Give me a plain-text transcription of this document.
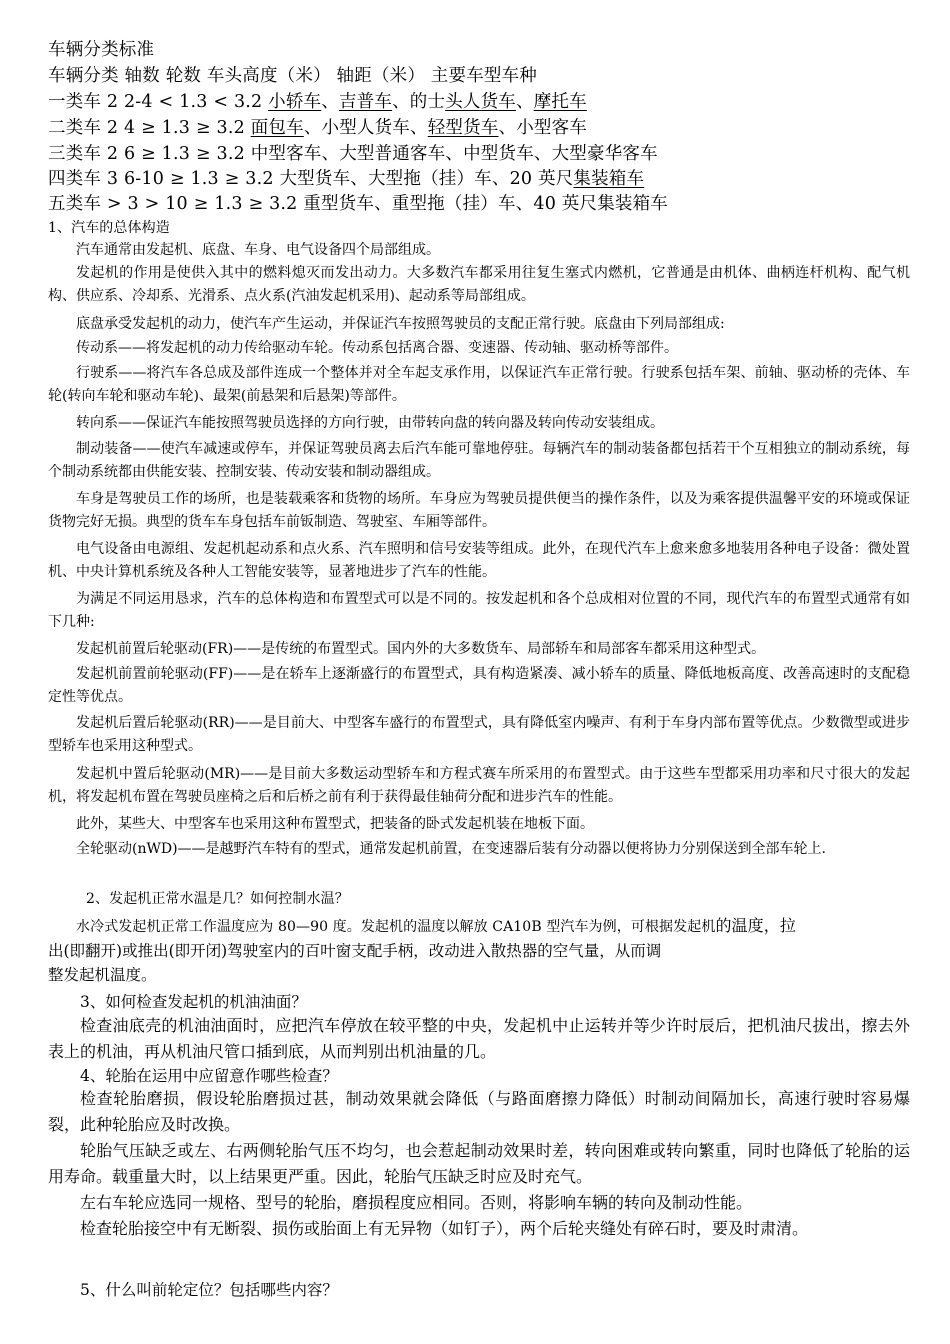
车辆分类标准
车辆分类 轴数 轮数 车头高度（米） 轴距（米） 主要车型车种
一类车 2 2-4 < 1.3 < 3.2 小轿车、吉普车、的士头人货车、摩托车
二类车 2 4 ≥ 1.3 ≥ 3.2 面包车、小型人货车、轻型货车、小型客车
三类车 2 6 ≥ 1.3 ≥ 3.2 中型客车、大型普通客车、中型货车、大型豪华客车
四类车 3 6-10 ≥ 1.3 ≥ 3.2 大型货车、大型拖（挂）车、20 英尺集装箱车
五类车 > 3 > 10 ≥ 1.3 ≥ 3.2 重型货车、重型拖（挂）车、40 英尺集装箱车
1、汽车的总体构造
汽车通常由发起机、底盘、车身、电气设备四个局部组成。
发起机的作用是使供入其中的燃料熄灭而发出动力。大多数汽车都采用往复生塞式内燃机，它普通是由机体、曲柄连杆机构、配气机构、供应系、冷却系、光滑系、点火系(汽油发起机采用)、起动系等局部组成。
底盘承受发起机的动力，使汽车产生运动，并保证汽车按照驾驶员的支配正常行驶。底盘由下列局部组成:
传动系——将发起机的动力传给驱动车轮。传动系包括离合器、变速器、传动轴、驱动桥等部件。
行驶系——将汽车各总成及部件连成一个整体并对全车起支承作用，以保证汽车正常行驶。行驶系包括车架、前轴、驱动桥的壳体、车轮(转向车轮和驱动车轮)、最架(前悬架和后悬架)等部件。
转向系——保证汽车能按照驾驶员选择的方向行驶，由带转向盘的转向器及转向传动安装组成。
制动装备——使汽车减速或停车，并保证驾驶员离去后汽车能可靠地停驻。每辆汽车的制动装备都包括若干个互相独立的制动系统，每个制动系统都由供能安装、控制安装、传动安装和制动器组成。
车身是驾驶员工作的场所，也是装载乘客和货物的场所。车身应为驾驶员提供便当的操作条件，以及为乘客提供温馨平安的环境或保证货物完好无损。典型的货车车身包括车前钣制造、驾驶室、车厢等部件。
电气设备由电源组、发起机起动系和点火系、汽车照明和信号安装等组成。此外，在现代汽车上愈来愈多地装用各种电子设备：微处置机、中央计算机系统及各种人工智能安装等，显著地进步了汽车的性能。
为满足不同运用恳求，汽车的总体构造和布置型式可以是不同的。按发起机和各个总成相对位置的不同，现代汽车的布置型式通常有如下几种:
发起机前置后轮驱动(FR)——是传统的布置型式。国内外的大多数货车、局部轿车和局部客车都采用这种型式。
发起机前置前轮驱动(FF)——是在轿车上逐渐盛行的布置型式，具有构造紧凑、减小轿车的质量、降低地板高度、改善高速时的支配稳定性等优点。
发起机后置后轮驱动(RR)——是目前大、中型客车盛行的布置型式，具有降低室内噪声、有利于车身内部布置等优点。少数微型或进步型轿车也采用这种型式。
发起机中置后轮驱动(MR)——是目前大多数运动型轿车和方程式赛车所采用的布置型式。由于这些车型都采用功率和尺寸很大的发起机，将发起机布置在驾驶员座椅之后和后桥之前有利于获得最佳轴荷分配和进步汽车的性能。
此外，某些大、中型客车也采用这种布置型式，把装备的卧式发起机装在地板下面。
全轮驱动(nWD)——是越野汽车特有的型式，通常发起机前置，在变速器后装有分动器以便将协力分别保送到全部车轮上.
2、发起机正常水温是几？如何控制水温？
水冷式发起机正常工作温度应为 80—90 度。发起机的温度以解放 CA10B 型汽车为例，可根据发起机的温度，拉
出(即翻开)或推出(即开闭)驾驶室内的百叶窗支配手柄，改动进入散热器的空气量，从而调
整发起机温度。
3、如何检查发起机的机油油面？
检查油底壳的机油油面时，应把汽车停放在较平整的中央，发起机中止运转并等少许时辰后，把机油尺拔出，擦去外表上的机油，再从机油尺管口插到底，从而判别出机油量的几。
4、轮胎在运用中应留意作哪些检查？
检查轮胎磨损，假设轮胎磨损过甚，制动效果就会降低（与路面磨擦力降低）时制动间隔加长，高速行驶时容易爆裂，此种轮胎应及时改换。
轮胎气压缺乏或左、右两侧轮胎气压不均匀，也会惹起制动效果时差，转向困难或转向繁重，同时也降低了轮胎的运用寿命。载重量大时，以上结果更严重。因此，轮胎气压缺乏时应及时充气。
左右车轮应选同一规格、型号的轮胎，磨损程度应相同。否则，将影响车辆的转向及制动性能。
检查轮胎接空中有无断裂、损伤或胎面上有无异物（如钉子），两个后轮夹缝处有碎石时，要及时肃清。
5、什么叫前轮定位？包括哪些内容？
